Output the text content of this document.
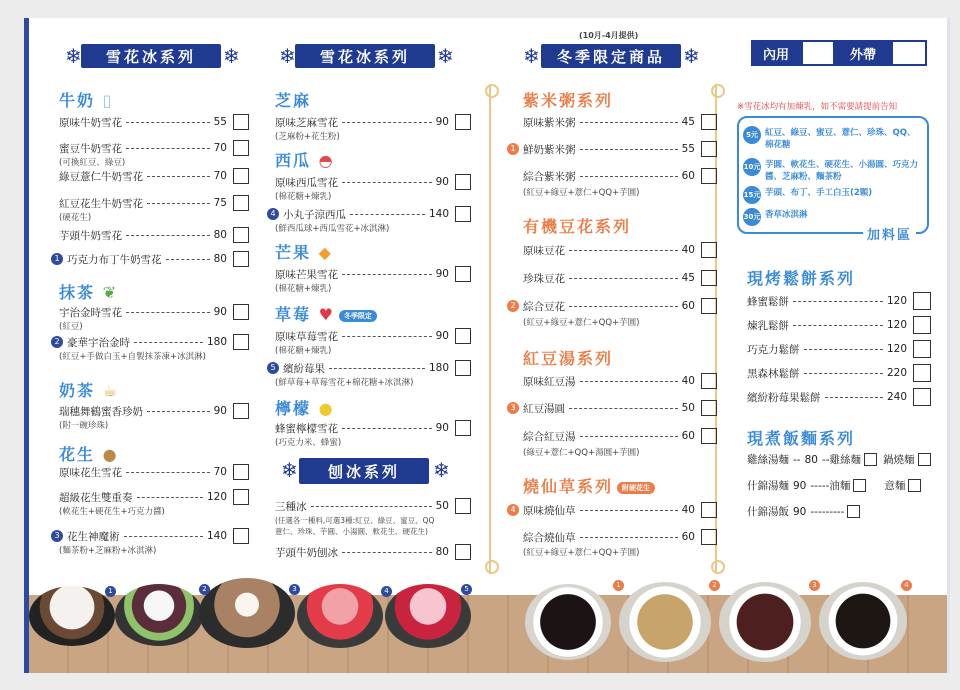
雪花冰系列
❄	❄
牛奶 ▯
原味牛奶雪花	55
蜜豆牛奶雪花	70
(可換紅豆、綠豆)
綠豆薏仁牛奶雪花	70
紅豆花生牛奶雪花	75
(硬花生)
芋頭牛奶雪花	80
1 巧克力布丁牛奶雪花	80
抹茶 ❦
宇治金時雪花	90
(紅豆)
2 豪華宇治金時	180
(紅豆+手做白玉+自製抹茶凍+冰淇淋)
奶茶 ☕
瑞穗舞鶴蜜香珍奶	90
(附一碗珍珠)
花生 ●
原味花生雪花	70
超級花生雙重奏	120
(軟花生+硬花生+巧克力醬)
3 花生神魔術	140
(麵茶粉+芝麻粉+冰淇淋)
雪花冰系列
❄	❄
芝麻
原味芝麻雪花	90
(芝麻粉+花生粉)
西瓜 ◓
原味西瓜雪花	90
(棉花糖+煉乳)
4 小丸子涼西瓜	140
(鮮西瓜球+西瓜雪花+冰淇淋)
芒果 ◆
原味芒果雪花	90
(棉花糖+煉乳)
草莓 ♥ 冬季限定
原味草莓雪花	90
(棉花糖+煉乳)
5 繽紛莓果	180
(鮮草莓+草莓雪花+棉花糖+冰淇淋)
檸檬 ●
蜂蜜檸檬雪花	90
(巧克力米、蜂蜜)
刨冰系列
❄	❄
三種冰	50
(任選各一種料,可選3種:紅豆、綠豆、蜜豆、QQ
薏仁、珍珠、芋圓、小湯圓、軟花生、硬花生)
芋頭牛奶刨冰	80
(10月-4月提供)
冬季限定商品
❄	❄
紫米粥系列
原味紫米粥	45
1 鮮奶紫米粥	55
綜合紫米粥	60
(紅豆+綠豆+薏仁+QQ+芋圓)
有機豆花系列
原味豆花	40
珍珠豆花	45
2 綜合豆花	60
(紅豆+綠豆+薏仁+QQ+芋圓)
紅豆湯系列
原味紅豆湯	40
3 紅豆湯圓	50
綜合紅豆湯	60
(綠豆+薏仁+QQ+湯圓+芋圓)
燒仙草系列 附硬花生
4 原味燒仙草	40
綜合燒仙草	60
(紅豆+綠豆+薏仁+QQ+芋圓)
內用	外帶
※雪花冰均有加煉乳，如不需要請提前告知
5元 紅豆、綠豆、蜜豆、薏仁、珍珠、QQ、棉花糖
10元 芋圓、軟花生、硬花生、小湯圓、巧克力醬、芝麻粉、麵茶粉
15元 芋頭、布丁、手工白玉(2顆)
30元 香草冰淇淋
加料區
現烤鬆餅系列
蜂蜜鬆餅	120
煉乳鬆餅	120
巧克力鬆餅	120
黑森林鬆餅	220
繽紛粉莓果鬆餅	240
現煮飯麵系列
雞絲湯麵 -- 80 -- 雞絲麵 鍋燒麵
什錦湯麵 90 ----- 油麵	意麵
什錦湯飯 90 ---------
1	2	3	4	5	1	2	3	4
